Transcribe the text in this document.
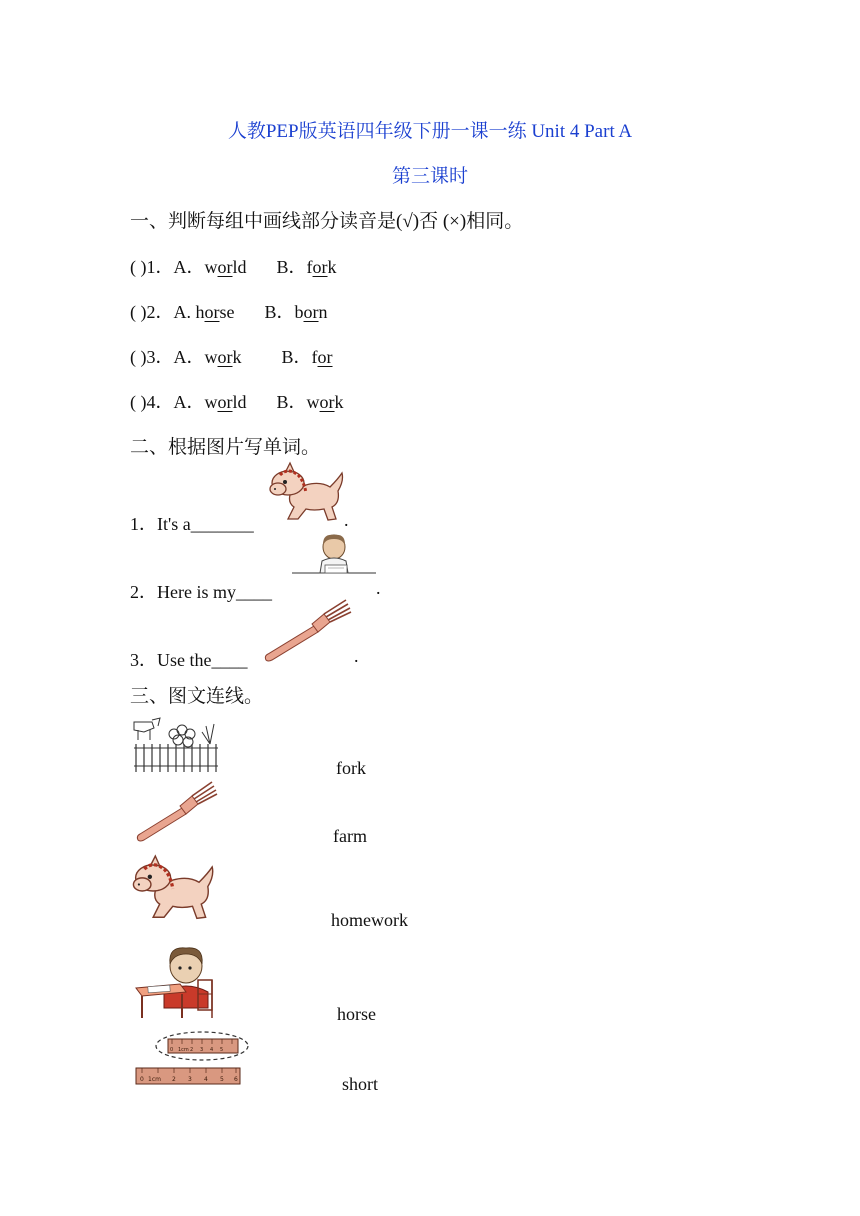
人教PEP版英语四年级下册一课一练 Unit 4 Part A
第三课时
一、判断每组中画线部分读音是(√)否 (×)相同。
( )1．A．world B．fork
( )2．A. horse B．born
( )3．A．work B．for
( )4．A．world B．work
二、根据图片写单词。
1．It's a_______	.
2．Here is my____	.
3．Use the____	.
三、图文连线。
fork
farm
homework
horse
short
0 1cm 2 3 4 5
0 1cm 2 3 4 5 6
